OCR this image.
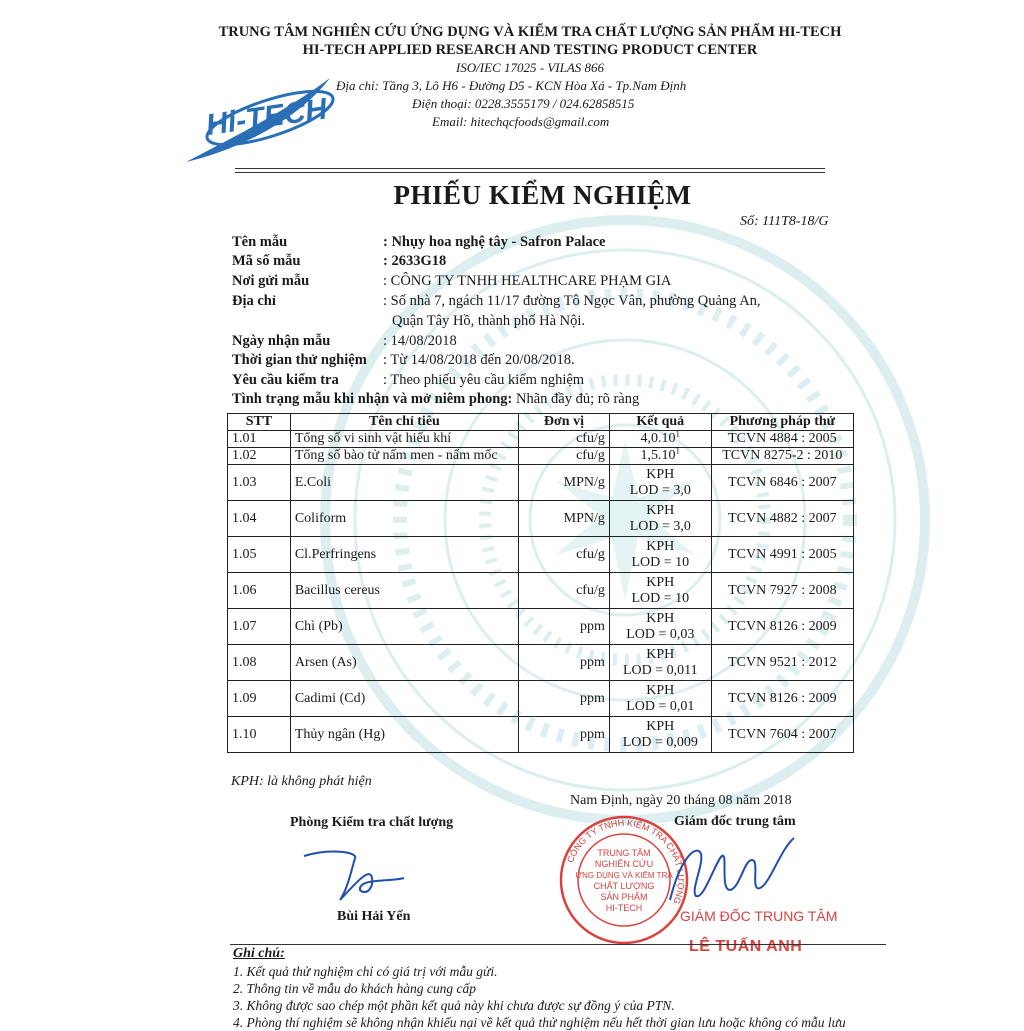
TRUNG TÂM NGHIÊN CỨU ỨNG DỤNG VÀ KIỂM TRA CHẤT LƯỢNG SẢN PHẨM HI-TECH
HI-TECH APPLIED RESEARCH AND TESTING PRODUCT CENTER
ISO/IEC 17025 - VILAS 866
Địa chỉ: Tầng 3, Lô H6 - Đường D5 - KCN Hòa Xá - Tp.Nam Định
Điện thoại: 0228.3555179 / 024.62858515
Email: hitechqcfoods@gmail.com
Hi-TECH
PHIẾU KIỂM NGHIỆM
Số: 111T8-18/G
Tên mẫu	: Nhụy hoa nghệ tây - Safron Palace
Mã số mẫu	: 2633G18
Nơi gửi mẫu	: CÔNG TY TNHH HEALTHCARE PHẠM GIA
Địa chỉ	: Số nhà 7, ngách 11/17 đường Tô Ngọc Vân, phường Quảng An,
Quận Tây Hồ, thành phố Hà Nội.
Ngày nhận mẫu	: 14/08/2018
Thời gian thử nghiệm : Từ 14/08/2018 đến 20/08/2018.
Yêu cầu kiểm tra	: Theo phiếu yêu cầu kiểm nghiệm
Tình trạng mẫu khi nhận và mở niêm phong: Nhãn đầy đủ; rõ ràng
STT	Tên chỉ tiêu	Đơn vị	Kết quả	Phương pháp thử
1.01	Tổng số vi sinh vật hiếu khí	cfu/g	4,0.10$^1$	TCVN 4884 : 2005
1.02	Tổng số bào tử nấm men - nấm mốc	cfu/g	1,5.10$^1$	TCVN 8275-2 : 2010
1.03	E.Coli	MPN/g	KPH
LOD = 3,0	TCVN 6846 : 2007
1.04	Coliform	MPN/g	KPH
LOD = 3,0	TCVN 4882 : 2007
1.05	Cl.Perfringens	cfu/g	KPH
LOD = 10	TCVN 4991 : 2005
1.06	Bacillus cereus	cfu/g	KPH
LOD = 10	TCVN 7927 : 2008
1.07	Chì (Pb)	ppm	KPH
LOD = 0,03	TCVN 8126 : 2009
1.08	Arsen (As)	ppm	KPH
LOD = 0,011	TCVN 9521 : 2012
1.09	Cadimi (Cd)	ppm	KPH
LOD = 0,01	TCVN 8126 : 2009
1.10	Thủy ngân (Hg)	ppm	KPH
LOD = 0,009	TCVN 7604 : 2007
KPH: là không phát hiện
Nam Định, ngày 20 tháng 08 năm 2018
Phòng Kiểm tra chất lượng	Giám đốc trung tâm
CÔNG TY TNHH KIỂM TRA CHẤT LƯỢNG
TRUNG TÂM
NGHIÊN CỨU
ỨNG DỤNG VÀ KIỂM TRA
CHẤT LƯỢNG
SẢN PHẨM
HI-TECH	GIÁM ĐỐC TRUNG TÂM
LÊ TUẤN ANH
Bùi Hải Yến
Ghi chú:
1. Kết quả thử nghiệm chỉ có giá trị với mẫu gửi.
2. Thông tin về mẫu do khách hàng cung cấp
3. Không được sao chép một phần kết quả này khi chưa được sự đồng ý của PTN.
4. Phòng thí nghiệm sẽ không nhận khiếu nại về kết quả thử nghiệm nếu hết thời gian lưu hoặc không có mẫu lưu
